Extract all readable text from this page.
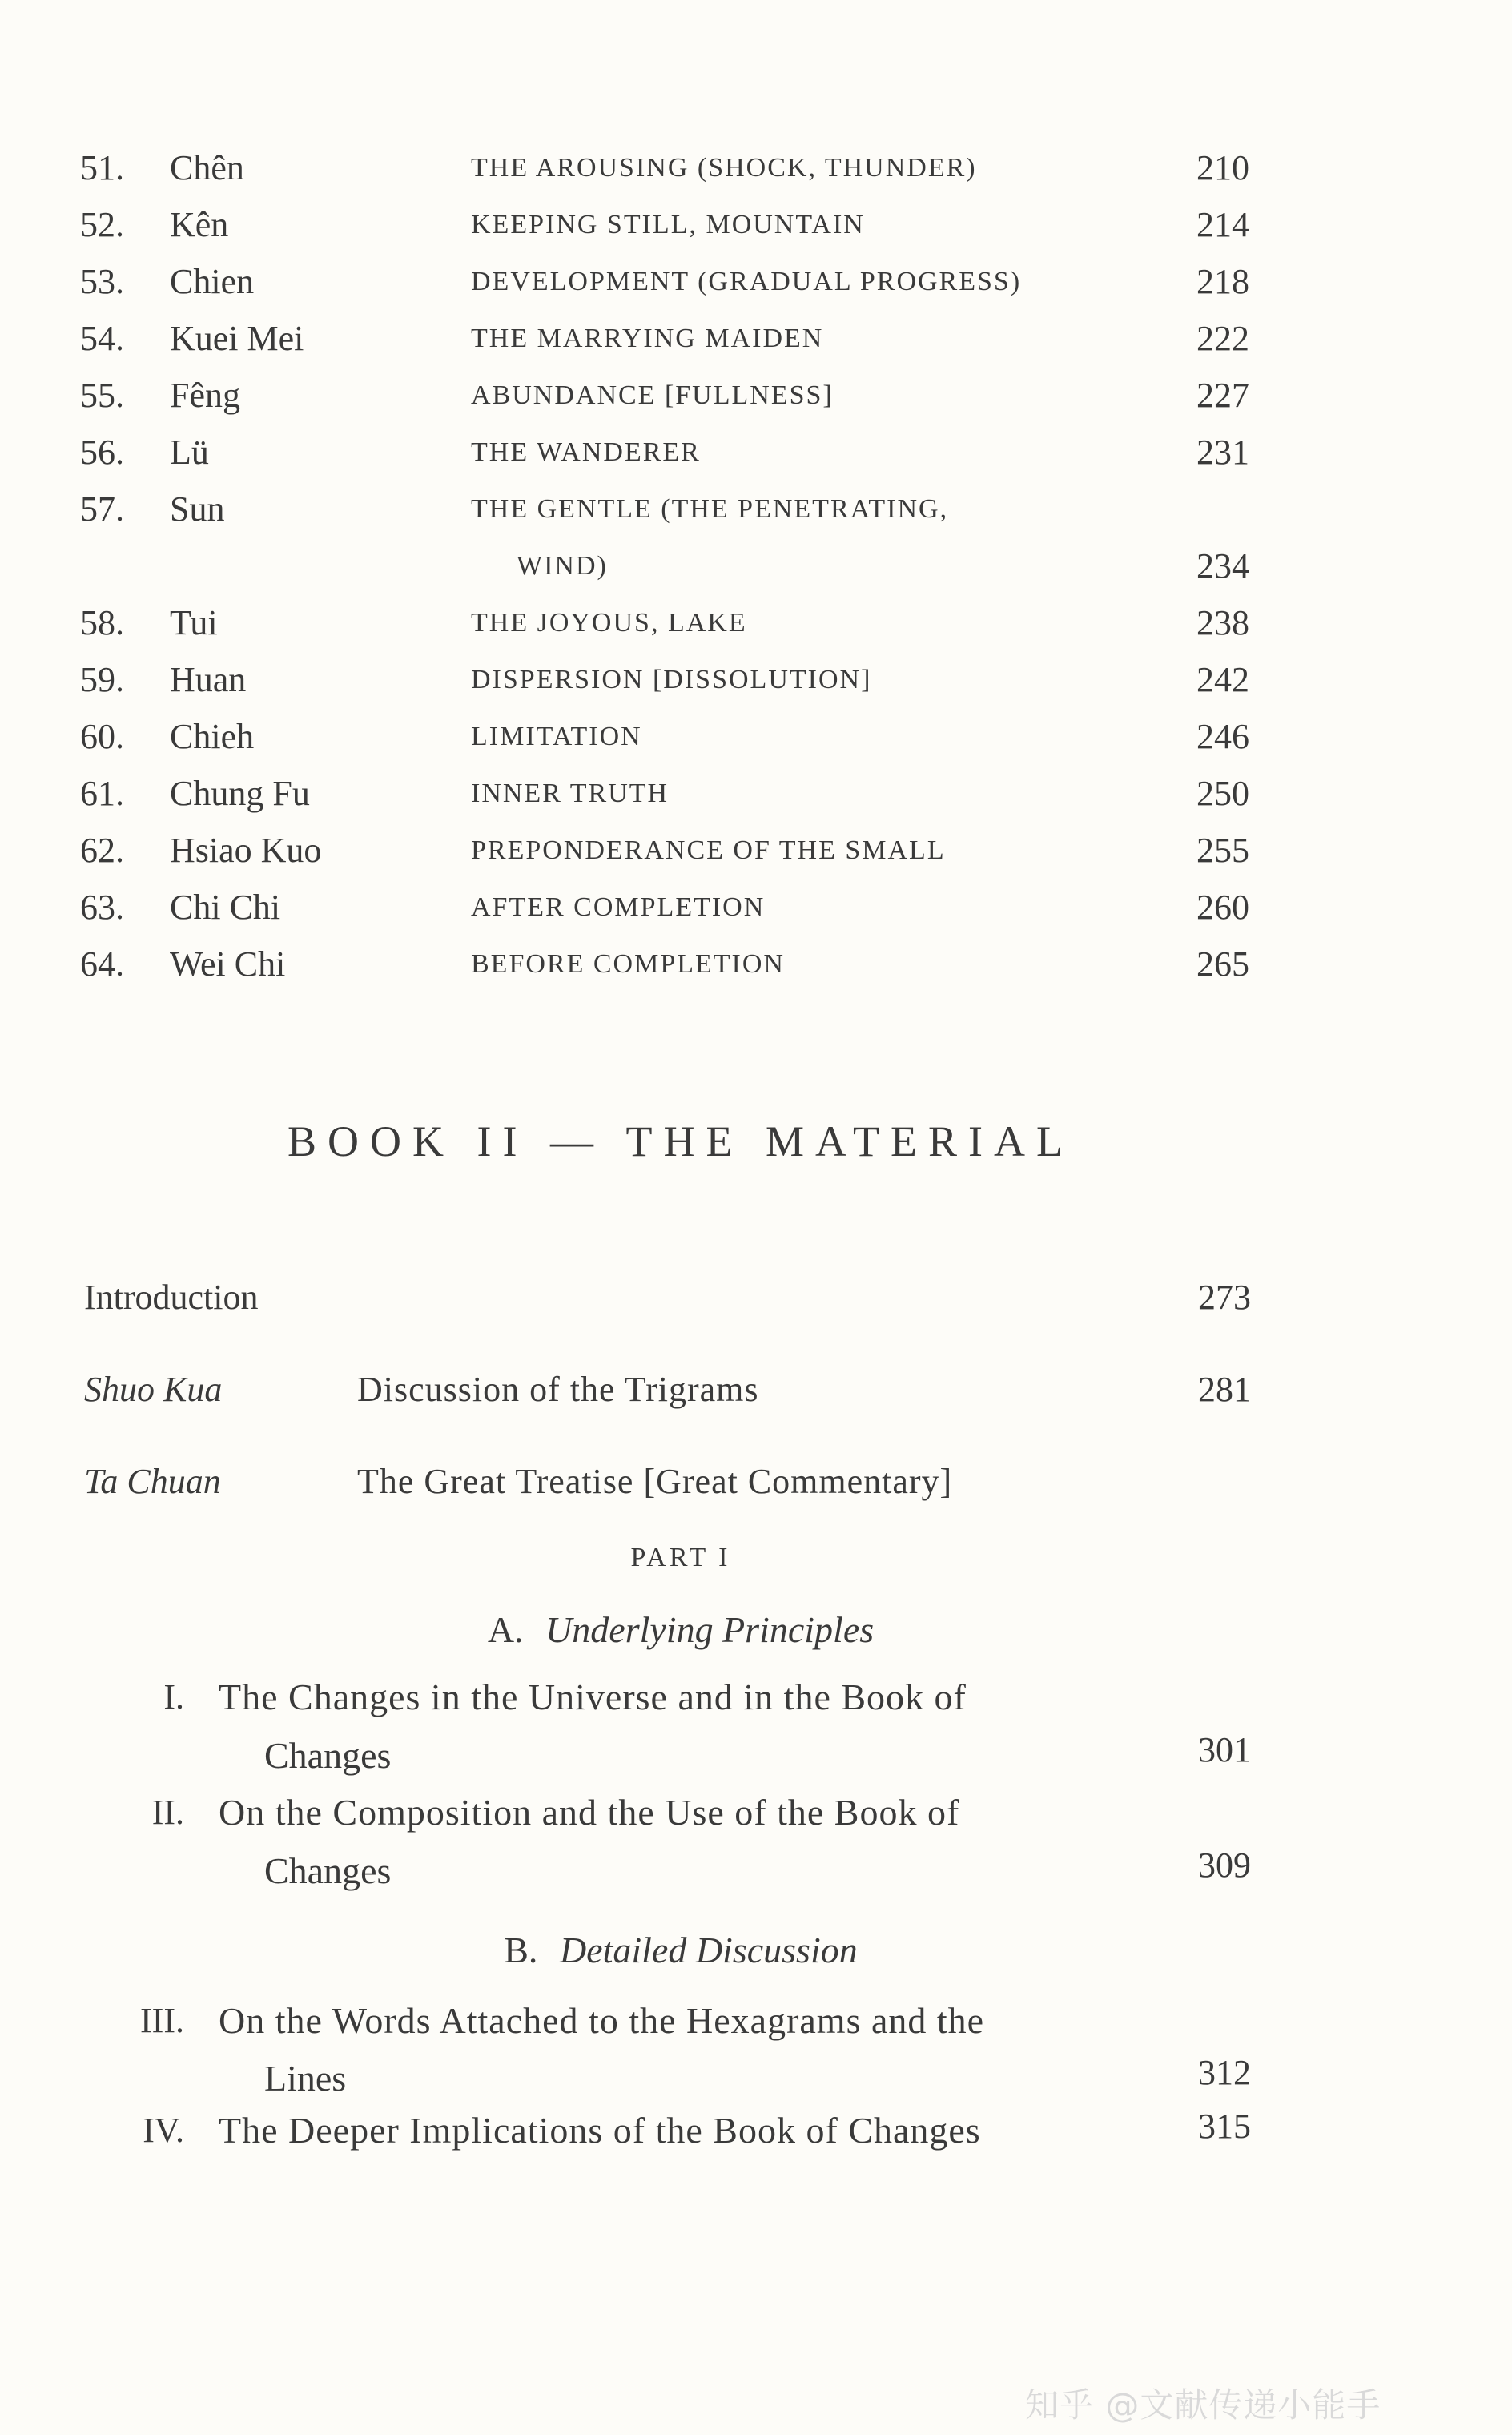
51. Chên	THE AROUSING (SHOCK, THUNDER)	210
52. Kên	KEEPING STILL, MOUNTAIN	214
53. Chien	DEVELOPMENT (GRADUAL PROGRESS)	218
54. Kuei Mei	THE MARRYING MAIDEN	222
55. Fêng	ABUNDANCE [FULLNESS]	227
56. Lü	THE WANDERER	231
57. Sun	THE GENTLE (THE PENETRATING,
WIND)	234
58. Tui	THE JOYOUS, LAKE	238
59. Huan	DISPERSION [DISSOLUTION]	242
60. Chieh	LIMITATION	246
61. Chung Fu	INNER TRUTH	250
62. Hsiao Kuo	PREPONDERANCE OF THE SMALL	255
63. Chi Chi	AFTER COMPLETION	260
64. Wei Chi	BEFORE COMPLETION	265
BOOK II — THE MATERIAL
Introduction	273
Shuo Kua	Discussion of the Trigrams	281
Ta Chuan	The Great Treatise [Great Commentary]
PART I
A. Underlying Principles
I. The Changes in the Universe and in the Book of
Changes	301
II. On the Composition and the Use of the Book of
Changes	309
B. Detailed Discussion
III. On the Words Attached to the Hexagrams and the
Lines	312
IV. The Deeper Implications of the Book of Changes	315
知乎 @文献传递小能手
